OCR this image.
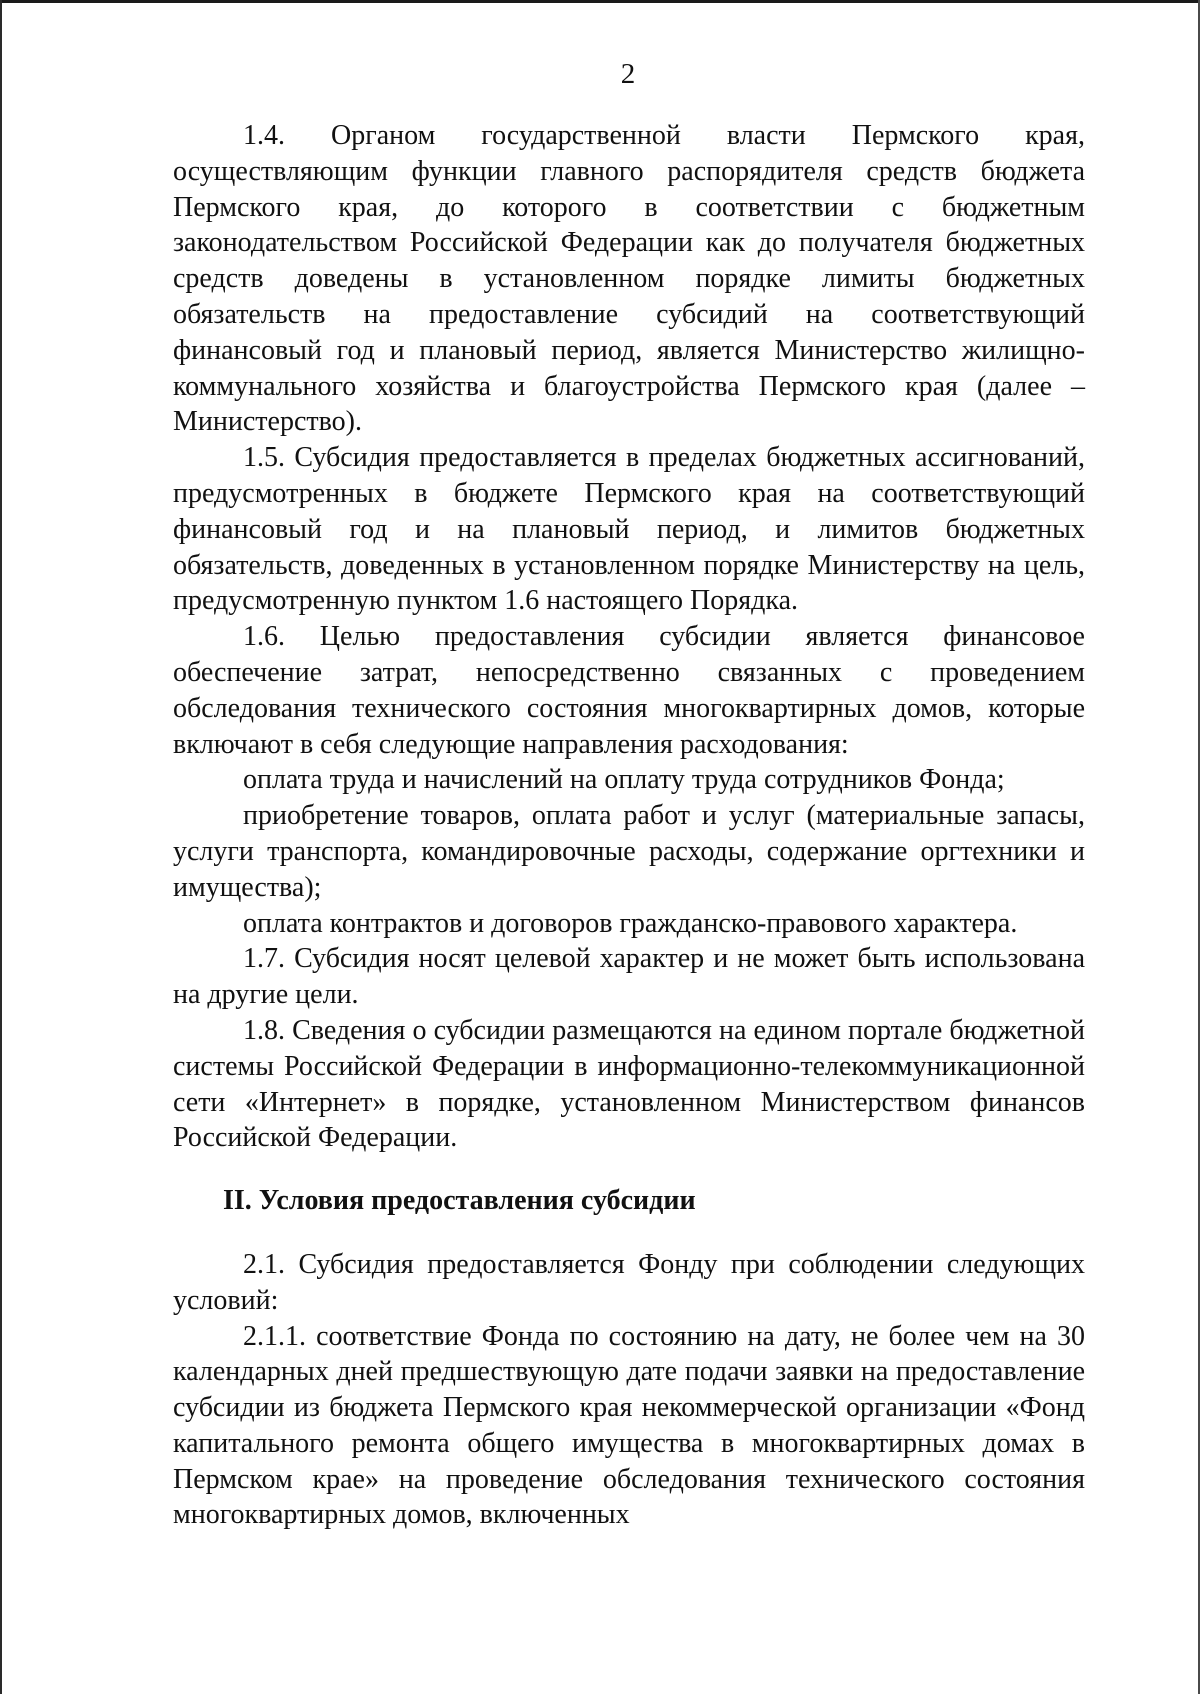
2

1.4. Органом государственной власти Пермского края, осуществляющим функции главного распорядителя средств бюджета Пермского края, до которого в соответствии с бюджетным законодательством Российской Федерации как до получателя бюджетных средств доведены в установленном порядке лимиты бюджетных обязательств на предоставление субсидий на соответствующий финансовый год и плановый период, является Министерство жилищно-коммунального хозяйства и благоустройства Пермского края (далее – Министерство).

1.5. Субсидия предоставляется в пределах бюджетных ассигнований, предусмотренных в бюджете Пермского края на соответствующий финансовый год и на плановый период, и лимитов бюджетных обязательств, доведенных в установленном порядке Министерству на цель, предусмотренную пунктом 1.6 настоящего Порядка.

1.6. Целью предоставления субсидии является финансовое обеспечение затрат, непосредственно связанных с проведением обследования технического состояния многоквартирных домов, которые включают в себя следующие направления расходования:

оплата труда и начислений на оплату труда сотрудников Фонда;

приобретение товаров, оплата работ и услуг (материальные запасы, услуги транспорта, командировочные расходы, содержание оргтехники и имущества);

оплата контрактов и договоров гражданско-правового характера.

1.7. Субсидия носят целевой характер и не может быть использована на другие цели.

1.8. Сведения о субсидии размещаются на едином портале бюджетной системы Российской Федерации в информационно-телекоммуникационной сети «Интернет» в порядке, установленном Министерством финансов Российской Федерации.

II. Условия предоставления субсидии

2.1. Субсидия предоставляется Фонду при соблюдении следующих условий:

2.1.1. соответствие Фонда по состоянию на дату, не более чем на 30 календарных дней предшествующую дате подачи заявки на предоставление субсидии из бюджета Пермского края некоммерческой организации «Фонд капитального ремонта общего имущества в многоквартирных домах в Пермском крае» на проведение обследования технического состояния многоквартирных домов, включенных
